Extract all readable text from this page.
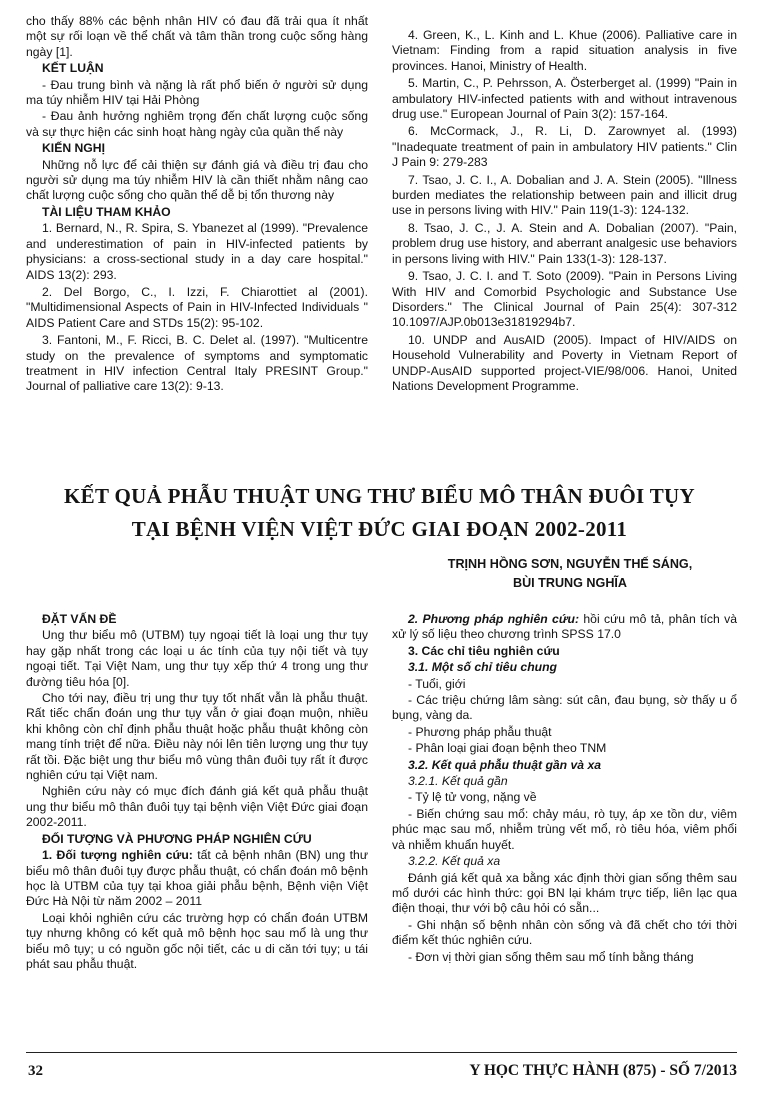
cho thấy 88% các bệnh nhân HIV có đau đã trải qua ít nhất một sự rối loạn về thể chất và tâm thần trong cuộc sống hàng ngày [1].

KẾT LUẬN

- Đau trung bình và nặng là rất phổ biến ở người sử dụng ma túy nhiễm HIV tại Hải Phòng

- Đau ảnh hưởng nghiêm trọng đến chất lượng cuộc sống và sự thực hiện các sinh hoạt hàng ngày của quần thể này

KIẾN NGHỊ

Những nỗ lực để cải thiện sự đánh giá và điều trị đau cho người sử dụng ma túy nhiễm HIV là cần thiết nhằm nâng cao chất lượng cuộc sống cho quần thể dễ bị tổn thương này

TÀI LIỆU THAM KHẢO

1. Bernard, N., R. Spira, S. Ybanezet al (1999). "Prevalence and underestimation of pain in HIV-infected patients by physicians: a cross-sectional study in a day care hospital." AIDS 13(2): 293.

2. Del Borgo, C., I. Izzi, F. Chiarottiet al (2001). "Multidimensional Aspects of Pain in HIV-Infected Individuals " AIDS Patient Care and STDs 15(2): 95-102.

3. Fantoni, M., F. Ricci, B. C. Delet al. (1997). "Multicentre study on the prevalence of symptoms and symptomatic treatment in HIV infection Central Italy PRESINT Group." Journal of palliative care 13(2): 9-13.

4. Green, K., L. Kinh and L. Khue (2006). Palliative care in Vietnam: Finding from a rapid situation analysis in five provinces. Hanoi, Ministry of Health.

5. Martin, C., P. Pehrsson, A. Österberget al. (1999) "Pain in ambulatory HIV-infected patients with and without intravenous drug use." European Journal of Pain 3(2): 157-164.

6. McCormack, J., R. Li, D. Zarownyet al. (1993) "Inadequate treatment of pain in ambulatory HIV patients." Clin J Pain 9: 279-283

7. Tsao, J. C. I., A. Dobalian and J. A. Stein (2005). "Illness burden mediates the relationship between pain and illicit drug use in persons living with HIV." Pain 119(1-3): 124-132.

8. Tsao, J. C., J. A. Stein and A. Dobalian (2007). "Pain, problem drug use history, and aberrant analgesic use behaviors in persons living with HIV." Pain 133(1-3): 128-137.

9. Tsao, J. C. I. and T. Soto (2009). "Pain in Persons Living With HIV and Comorbid Psychologic and Substance Use Disorders." The Clinical Journal of Pain 25(4): 307-312 10.1097/AJP.0b013e31819294b7.

10. UNDP and AusAID (2005). Impact of HIV/AIDS on Household Vulnerability and Poverty in Vietnam Report of UNDP-AusAID supported project-VIE/98/006. Hanoi, United Nations Development Programme.

KẾT QUẢ PHẪU THUẬT UNG THƯ BIỂU MÔ THÂN ĐUÔI TỤY
TẠI BỆNH VIỆN VIỆT ĐỨC GIAI ĐOẠN 2002-2011
TRỊNH HỒNG SƠN, NGUYỄN THẾ SÁNG,
BÙI TRUNG NGHĨA

ĐẶT VẤN ĐỀ

Ung thư biểu mô (UTBM) tụy ngoại tiết là loại ung thư tụy hay gặp nhất trong các loại u ác tính của tụy nội tiết và tụy ngoại tiết. Tại Việt Nam, ung thư tụy xếp thứ 4 trong ung thư đường tiêu hóa [0].

Cho tới nay, điều trị ung thư tụy tốt nhất vẫn là phẫu thuật. Rất tiếc chẩn đoán ung thư tụy vẫn ở giai đoạn muộn, nhiều khi không còn chỉ định phẫu thuật hoặc phẫu thuật không còn mang tính triệt để nữa. Điều này nói lên tiên lượng ung thư tụy rất tồi. Đặc biệt ung thư biểu mô vùng thân đuôi tụy rất ít được nghiên cứu tại Việt nam.

Nghiên cứu này có mục đích đánh giá kết quả phẫu thuật ung thư biểu mô thân đuôi tụy tại bệnh viện Việt Đức giai đoạn 2002-2011.

ĐỐI TƯỢNG VÀ PHƯƠNG PHÁP NGHIÊN CỨU

1. Đối tượng nghiên cứu: tất cả bệnh nhân (BN) ung thư biểu mô thân đuôi tụy được phẫu thuật, có chẩn đoán mô bệnh học là UTBM của tụy tại khoa giải phẫu bệnh, Bệnh viện Việt Đức Hà Nội từ năm 2002 – 2011

Loại khỏi nghiên cứu các trường hợp có chẩn đoán UTBM tụy nhưng không có kết quả mô bệnh học sau mổ là ung thư biểu mô tụy; u có nguồn gốc nội tiết, các u di căn tới tụy; u tái phát sau phẫu thuật.

2. Phương pháp nghiên cứu: hồi cứu mô tả, phân tích và xử lý số liệu theo chương trình SPSS 17.0

3. Các chỉ tiêu nghiên cứu

3.1. Một số chỉ tiêu chung

- Tuổi, giới

- Các triệu chứng lâm sàng: sút cân, đau bụng, sờ thấy u ổ bụng, vàng da.

- Phương pháp phẫu thuật

- Phân loại giai đoạn bệnh theo TNM

3.2. Kết quả phẫu thuật gần và xa

3.2.1. Kết quả gần

- Tỷ lệ tử vong, nặng về

- Biến chứng sau mổ: chảy máu, rò tụy, áp xe tồn dư, viêm phúc mạc sau mổ, nhiễm trùng vết mổ, rò tiêu hóa, viêm phổi và nhiễm khuẩn huyết.

3.2.2. Kết quả xa

Đánh giá kết quả xa bằng xác định thời gian sống thêm sau mổ dưới các hình thức: gọi BN lại khám trực tiếp, liên lạc qua điện thoại, thư với bộ câu hỏi có sẵn...

- Ghi nhận số bệnh nhân còn sống và đã chết cho tới thời điểm kết thúc nghiên cứu.

- Đơn vị thời gian sống thêm sau mổ tính bằng tháng

32	Y HỌC THỰC HÀNH (875) - SỐ 7/2013
